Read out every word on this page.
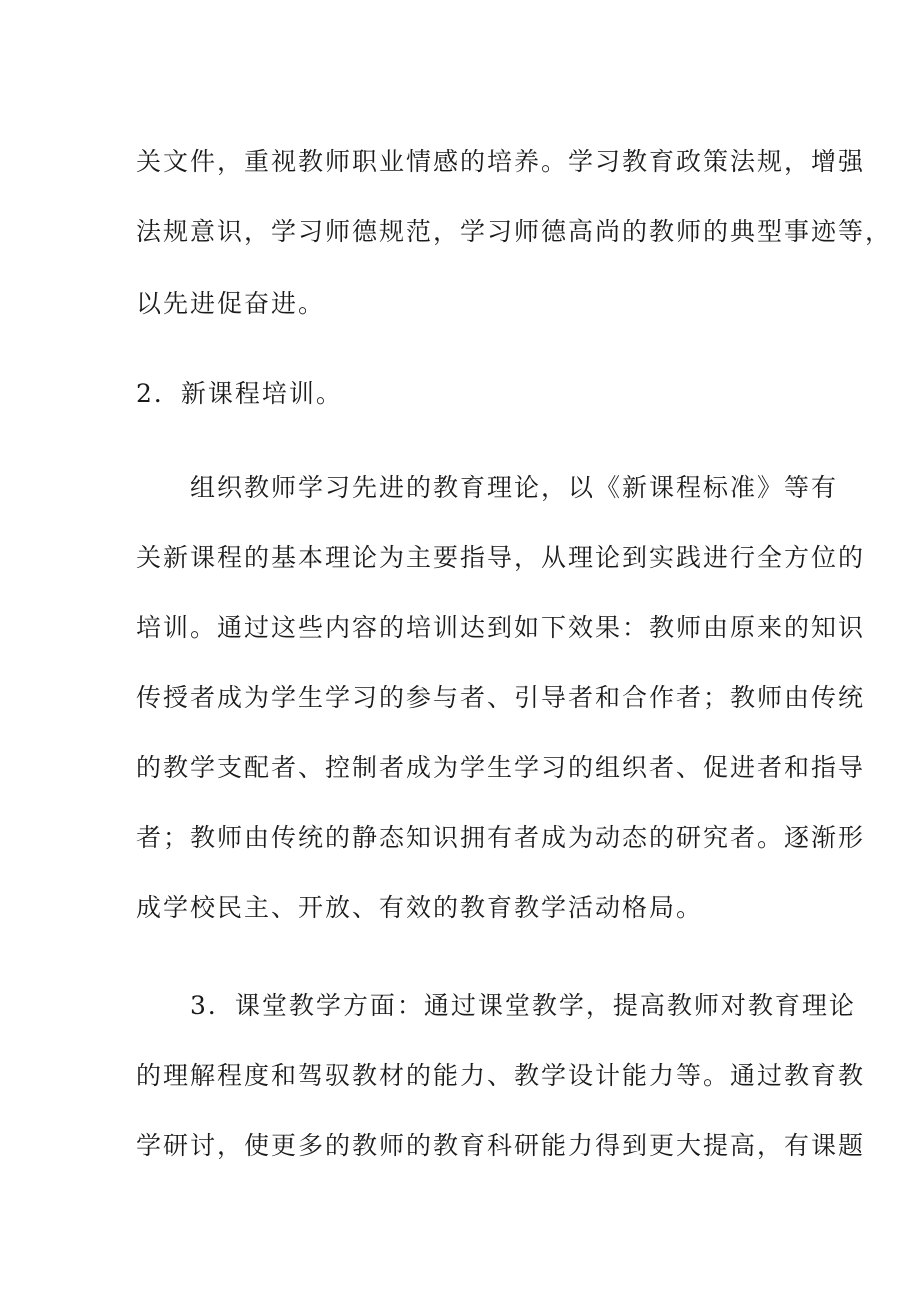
关文件，重视教师职业情感的培养。学习教育政策法规，增强
法规意识，学习师德规范，学习师德高尚的教师的典型事迹等，
以先进促奋进。
2．新课程培训。
组织教师学习先进的教育理论，以《新课程标准》等有
关新课程的基本理论为主要指导，从理论到实践进行全方位的
培训。通过这些内容的培训达到如下效果：教师由原来的知识
传授者成为学生学习的参与者、引导者和合作者；教师由传统
的教学支配者、控制者成为学生学习的组织者、促进者和指导
者；教师由传统的静态知识拥有者成为动态的研究者。逐渐形
成学校民主、开放、有效的教育教学活动格局。
3．课堂教学方面：通过课堂教学，提高教师对教育理论
的理解程度和驾驭教材的能力、教学设计能力等。通过教育教
学研讨，使更多的教师的教育科研能力得到更大提高，有课题
